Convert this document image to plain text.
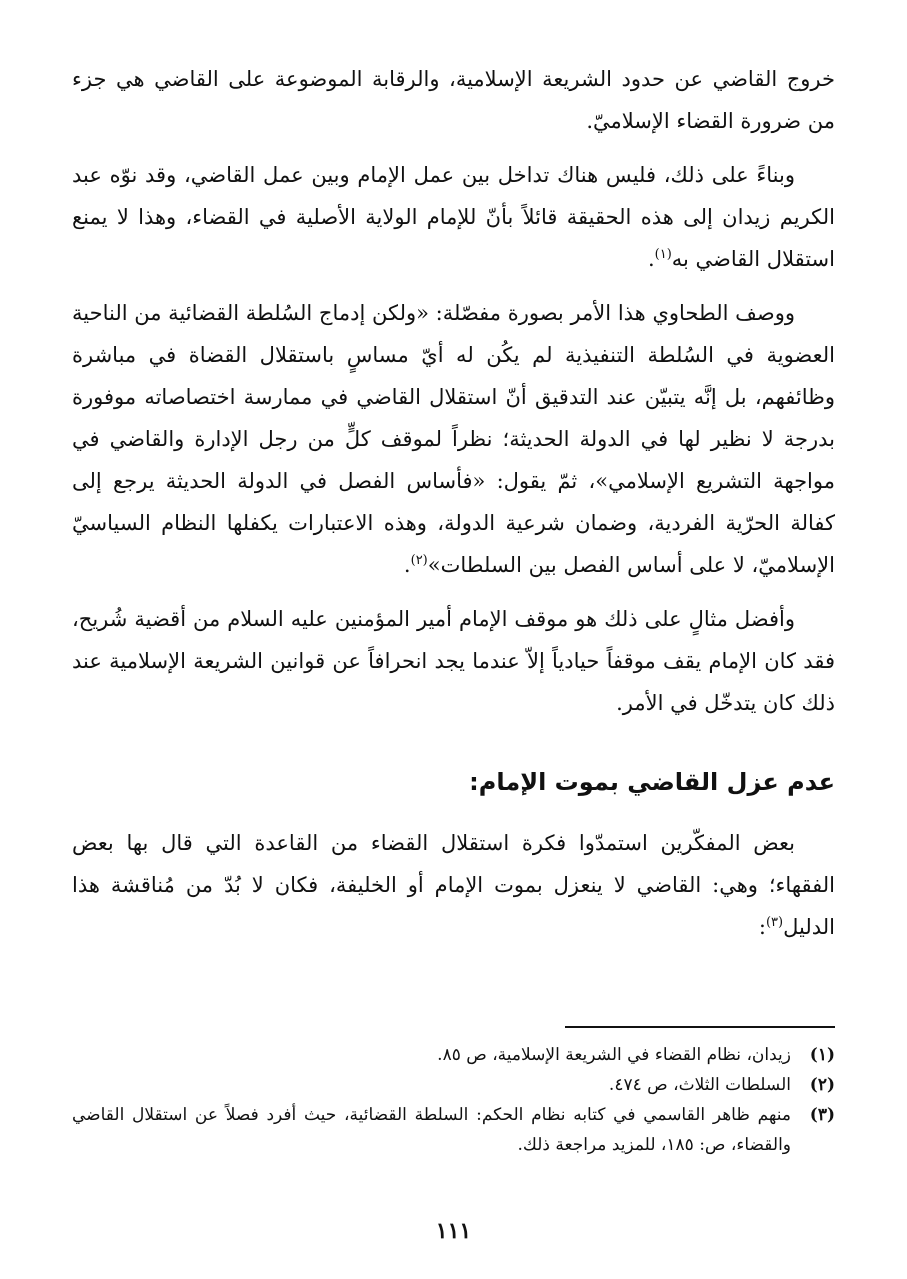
خروج القاضي عن حدود الشريعة الإسلامية، والرقابة الموضوعة على القاضي هي جزء من ضرورة القضاء الإسلاميّ.

وبناءً على ذلك، فليس هناك تداخل بين عمل الإمام وبين عمل القاضي، وقد نوّه عبد الكريم زيدان إلى هذه الحقيقة قائلاً بأنّ للإمام الولاية الأصلية في القضاء، وهذا لا يمنع استقلال القاضي به$^{(١)}$.

ووصف الطحاوي هذا الأمر بصورة مفصّلة: «ولكن إدماج السُلطة القضائية من الناحية العضوية في السُلطة التنفيذية لم يكُن له أيّ مساسٍ باستقلال القضاة في مباشرة وظائفهم، بل إنَّه يتبيّن عند التدقيق أنّ استقلال القاضي في ممارسة اختصاصاته موفورة بدرجة لا نظير لها في الدولة الحديثة؛ نظراً لموقف كلٍّ من رجل الإدارة والقاضي في مواجهة التشريع الإسلامي»، ثمّ يقول: «فأساس الفصل في الدولة الحديثة يرجع إلى كفالة الحرّية الفردية، وضمان شرعية الدولة، وهذه الاعتبارات يكفلها النظام السياسيّ الإسلاميّ، لا على أساس الفصل بين السلطات»$^{(٢)}$.

وأفضل مثالٍ على ذلك هو موقف الإمام أمير المؤمنين عليه السلام من أقضية شُريح، فقد كان الإمام يقف موقفاً حيادياً إلاّ عندما يجد انحرافاً عن قوانين الشريعة الإسلامية عند ذلك كان يتدخّل في الأمر.

عدم عزل القاضي بموت الإمام:

بعض المفكّرين استمدّوا فكرة استقلال القضاء من القاعدة التي قال بها بعض الفقهاء؛ وهي: القاضي لا ينعزل بموت الإمام أو الخليفة، فكان لا بُدّ من مُناقشة هذا الدليل$^{(٣)}$:

(١)
زيدان، نظام القضاء في الشريعة الإسلامية، ص ٨٥.
(٢)
السلطات الثلاث، ص ٤٧٤.
(٣)
منهم ظاهر القاسمي في كتابه نظام الحكم: السلطة القضائية، حيث أفرد فصلاً عن استقلال القاضي والقضاء، ص: ١٨٥، للمزيد مراجعة ذلك.
١١١
